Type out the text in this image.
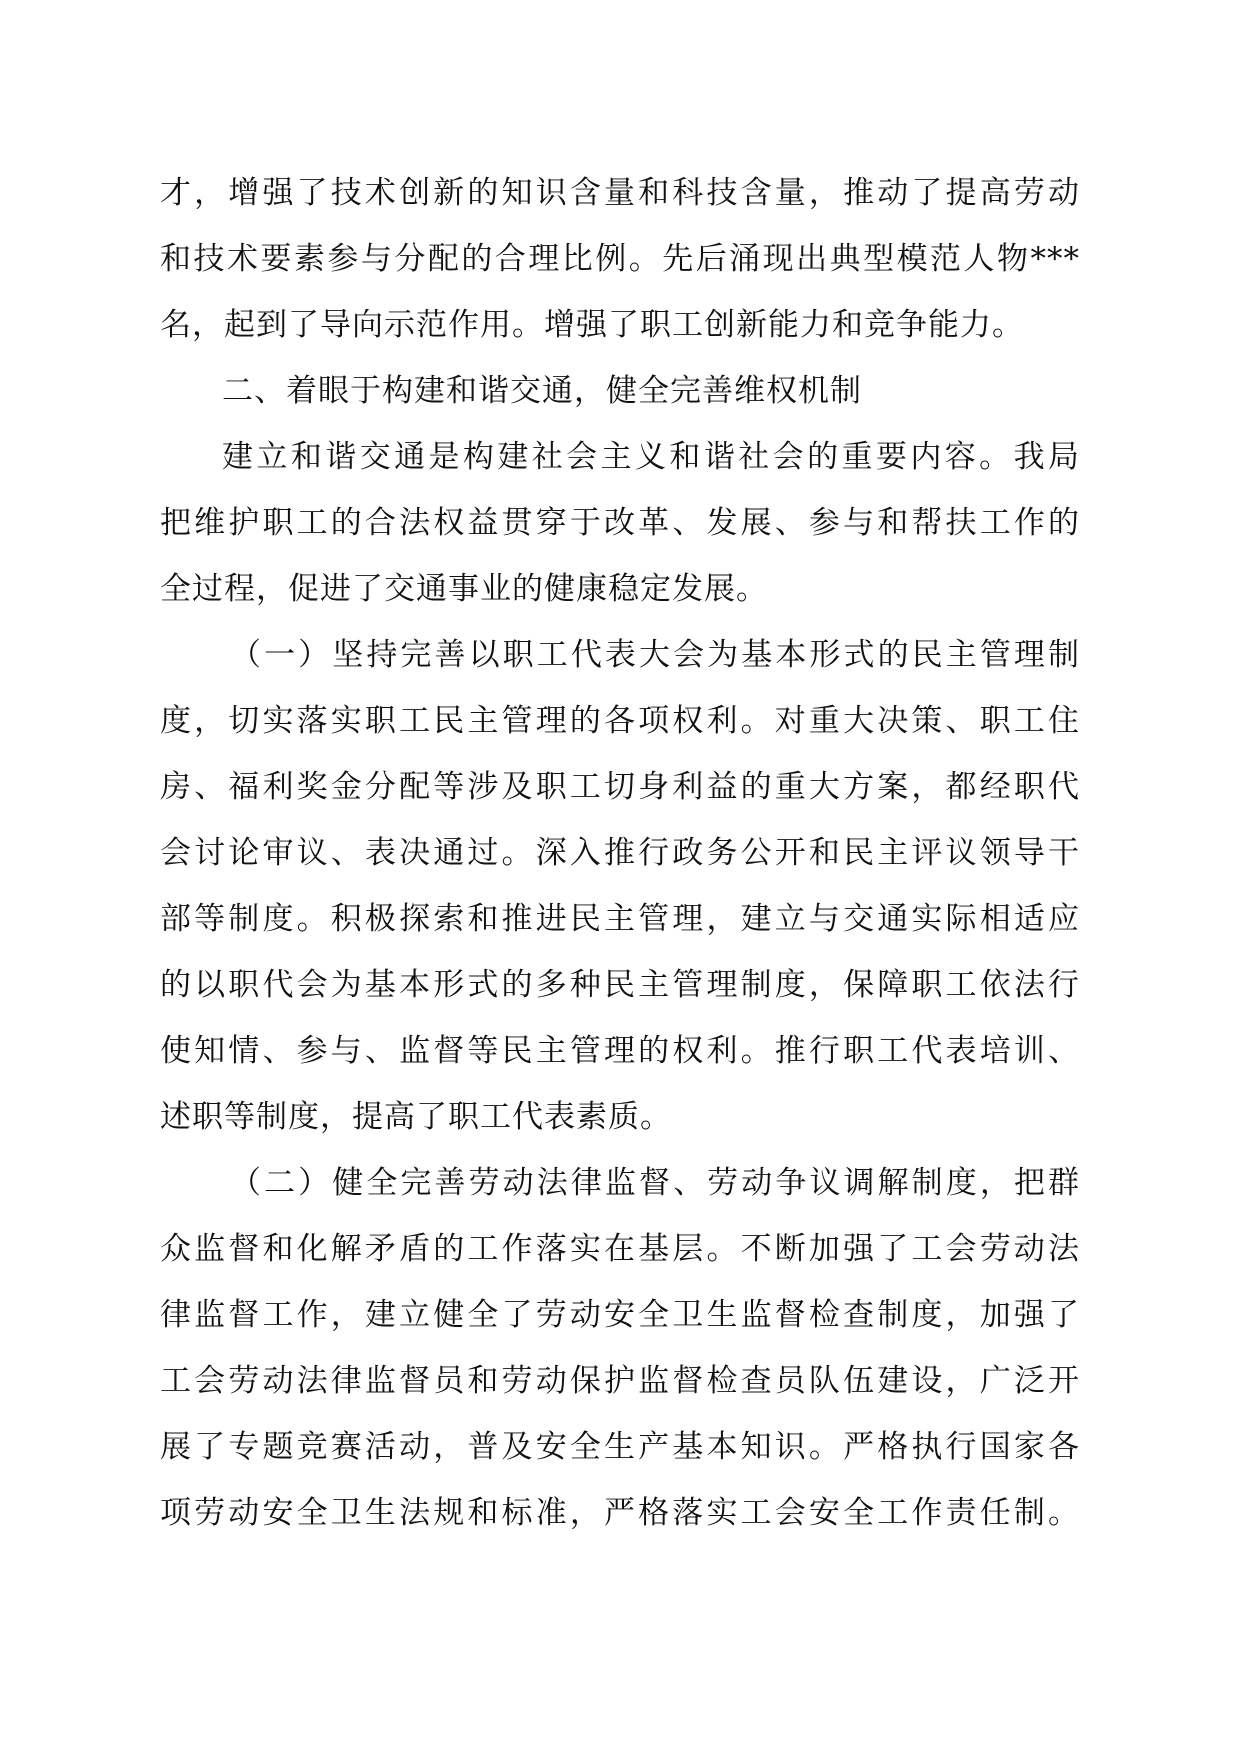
才，增强了技术创新的知识含量和科技含量，推动了提高劳动
和技术要素参与分配的合理比例。先后涌现出典型模范人物***
名，起到了导向示范作用。增强了职工创新能力和竞争能力。
二、着眼于构建和谐交通，健全完善维权机制
建立和谐交通是构建社会主义和谐社会的重要内容。我局
把维护职工的合法权益贯穿于改革、发展、参与和帮扶工作的
全过程，促进了交通事业的健康稳定发展。
（一）坚持完善以职工代表大会为基本形式的民主管理制
度，切实落实职工民主管理的各项权利。对重大决策、职工住
房、福利奖金分配等涉及职工切身利益的重大方案，都经职代
会讨论审议、表决通过。深入推行政务公开和民主评议领导干
部等制度。积极探索和推进民主管理，建立与交通实际相适应
的以职代会为基本形式的多种民主管理制度，保障职工依法行
使知情、参与、监督等民主管理的权利。推行职工代表培训、
述职等制度，提高了职工代表素质。
（二）健全完善劳动法律监督、劳动争议调解制度，把群
众监督和化解矛盾的工作落实在基层。不断加强了工会劳动法
律监督工作，建立健全了劳动安全卫生监督检查制度，加强了
工会劳动法律监督员和劳动保护监督检查员队伍建设，广泛开
展了专题竞赛活动，普及安全生产基本知识。严格执行国家各
项劳动安全卫生法规和标准，严格落实工会安全工作责任制。
